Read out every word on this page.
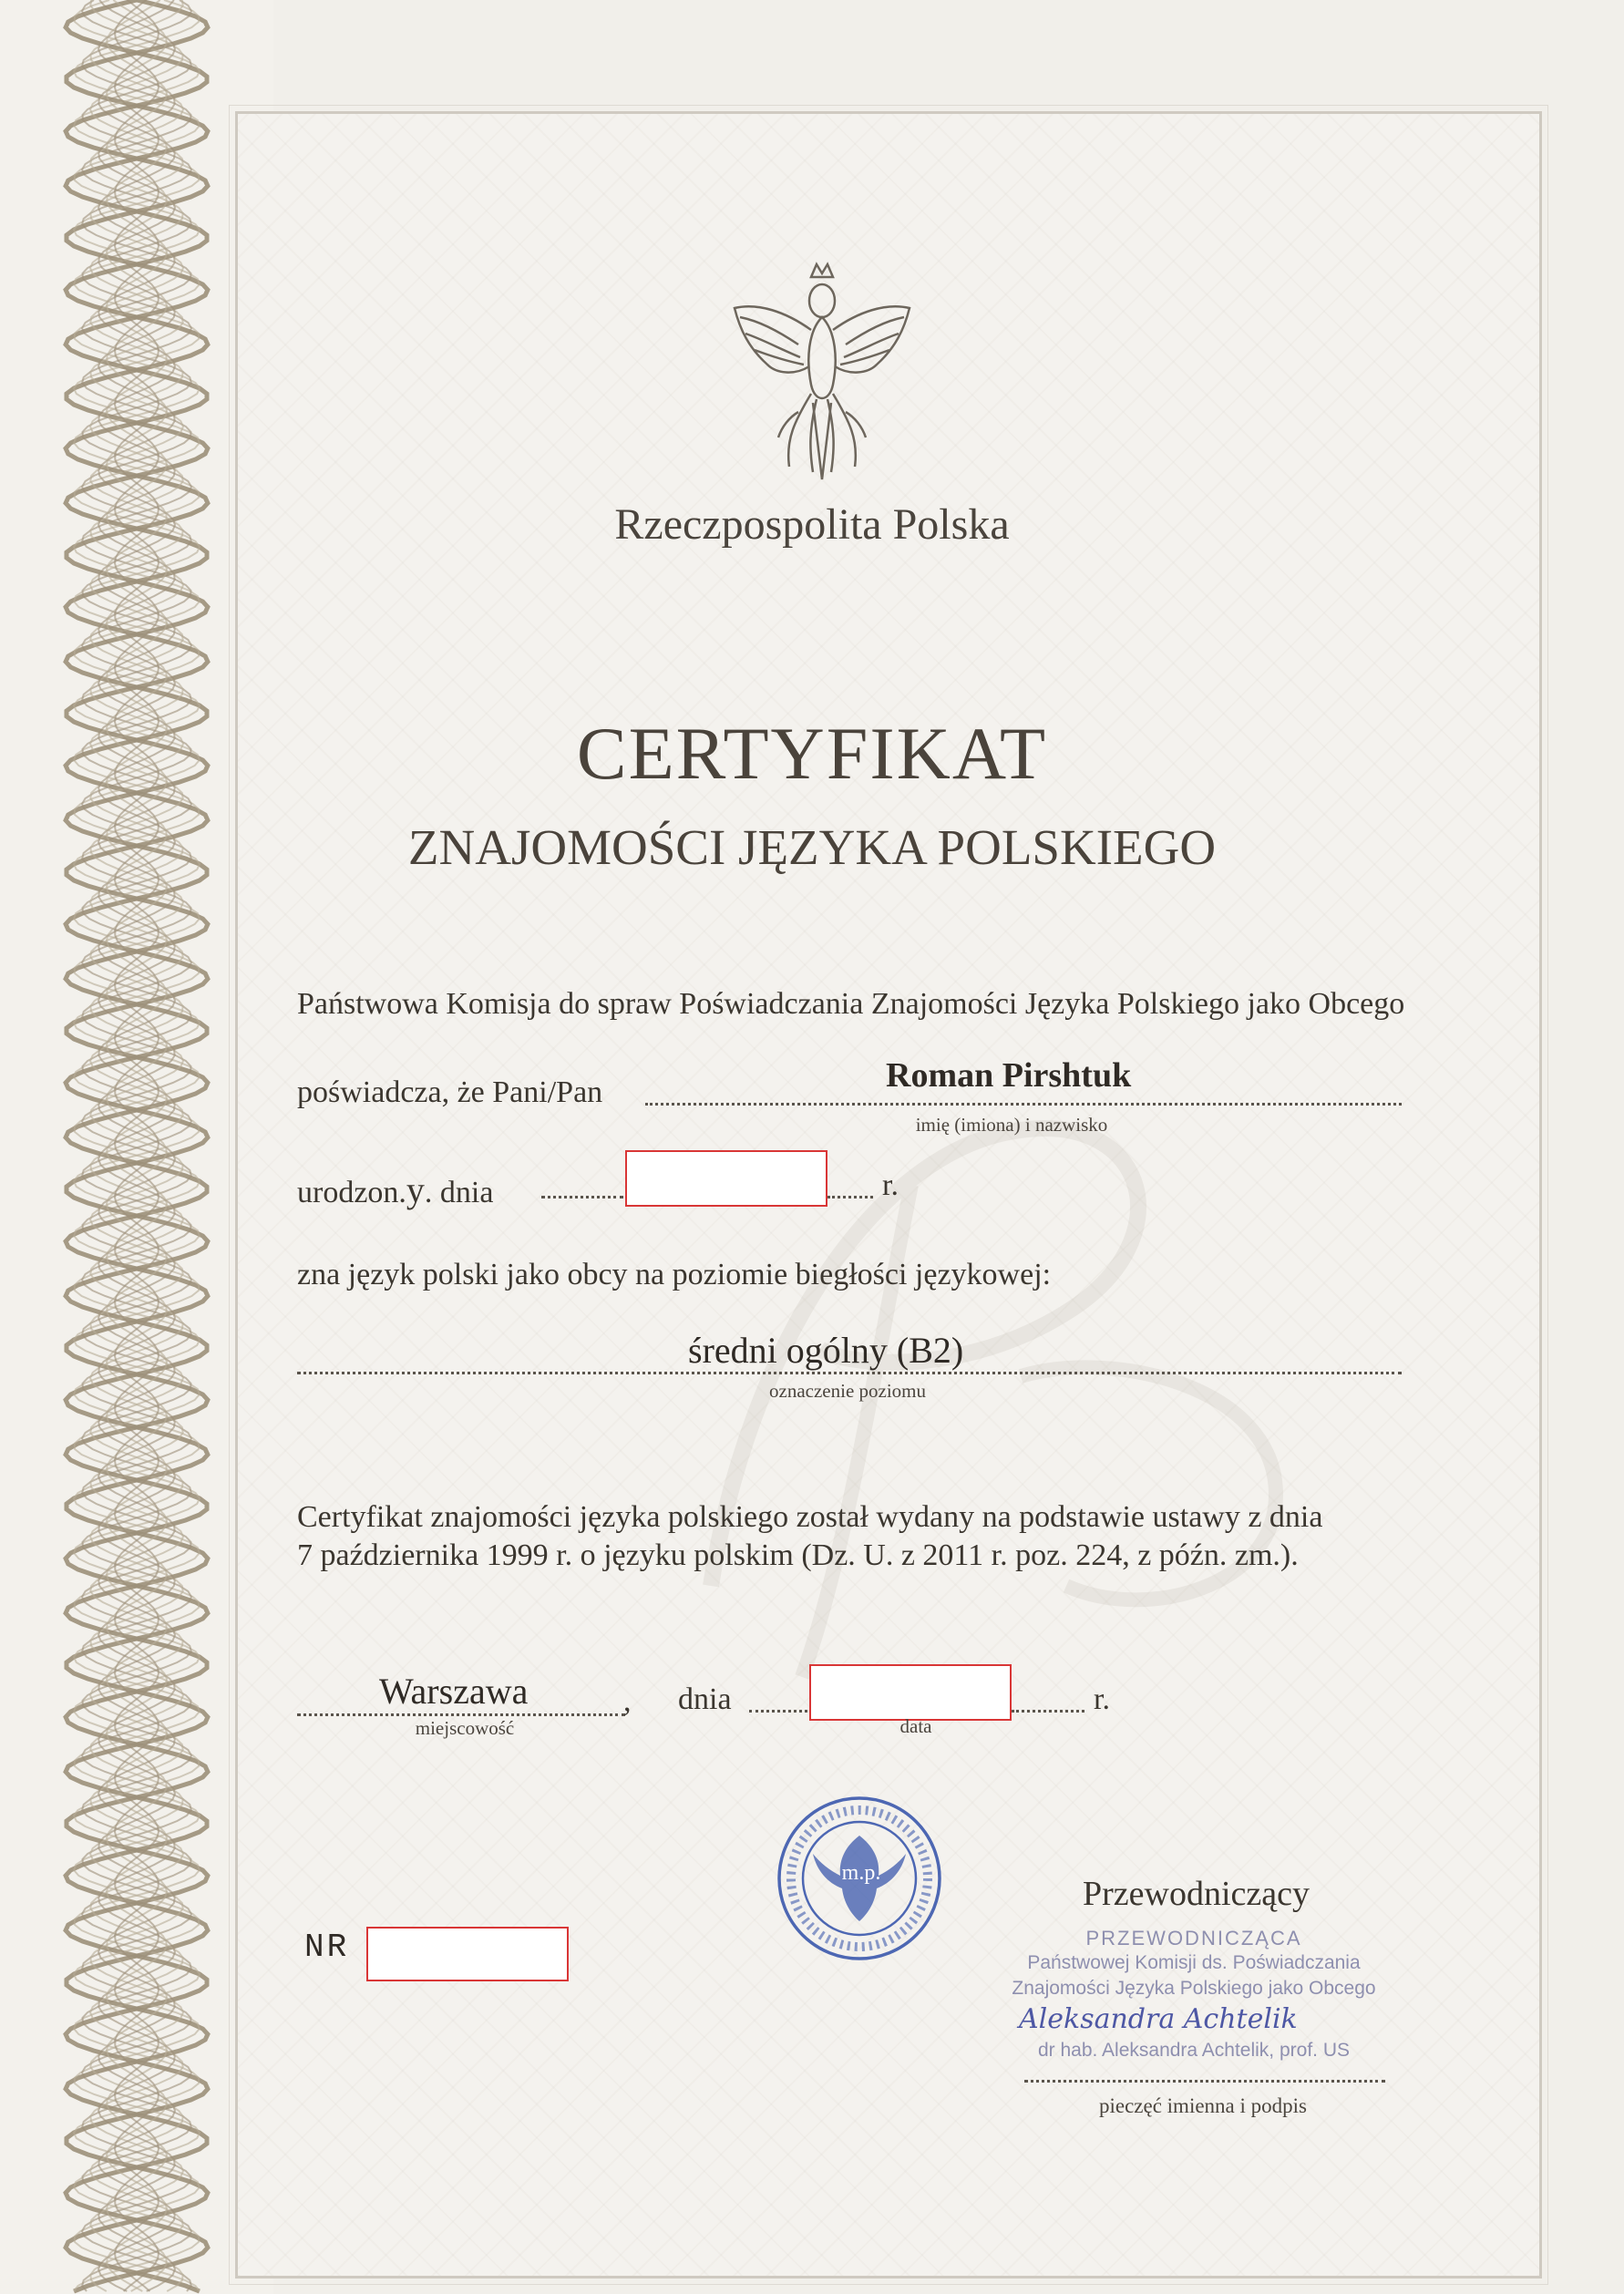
Rzeczpospolita Polska
CERTYFIKAT
ZNAJOMOŚCI JĘZYKA POLSKIEGO
Państwowa Komisja do spraw Poświadczania Znajomości Języka Polskiego jako Obcego
poświadcza, że Pani/Pan	Roman Pirshtuk
imię (imiona) i nazwisko
urodzon.y. dnia	r.
zna język polski jako obcy na poziomie biegłości językowej:
średni ogólny (B2)
oznaczenie poziomu
Certyfikat znajomości języka polskiego został wydany na podstawie ustawy z dnia
7 października 1999 r. o języku polskim (Dz. U. z 2011 r. poz. 224, z późn. zm.).
Warszawa	,
miejscowość
dnia	r.
data
m.p.
NR
Przewodniczący
PRZEWODNICZĄCA
Państwowej Komisji ds. Poświadczania
Znajomości Języka Polskiego jako Obcego
Aleksandra Achtelik
dr hab. Aleksandra Achtelik, prof. US
pieczęć imienna i podpis
